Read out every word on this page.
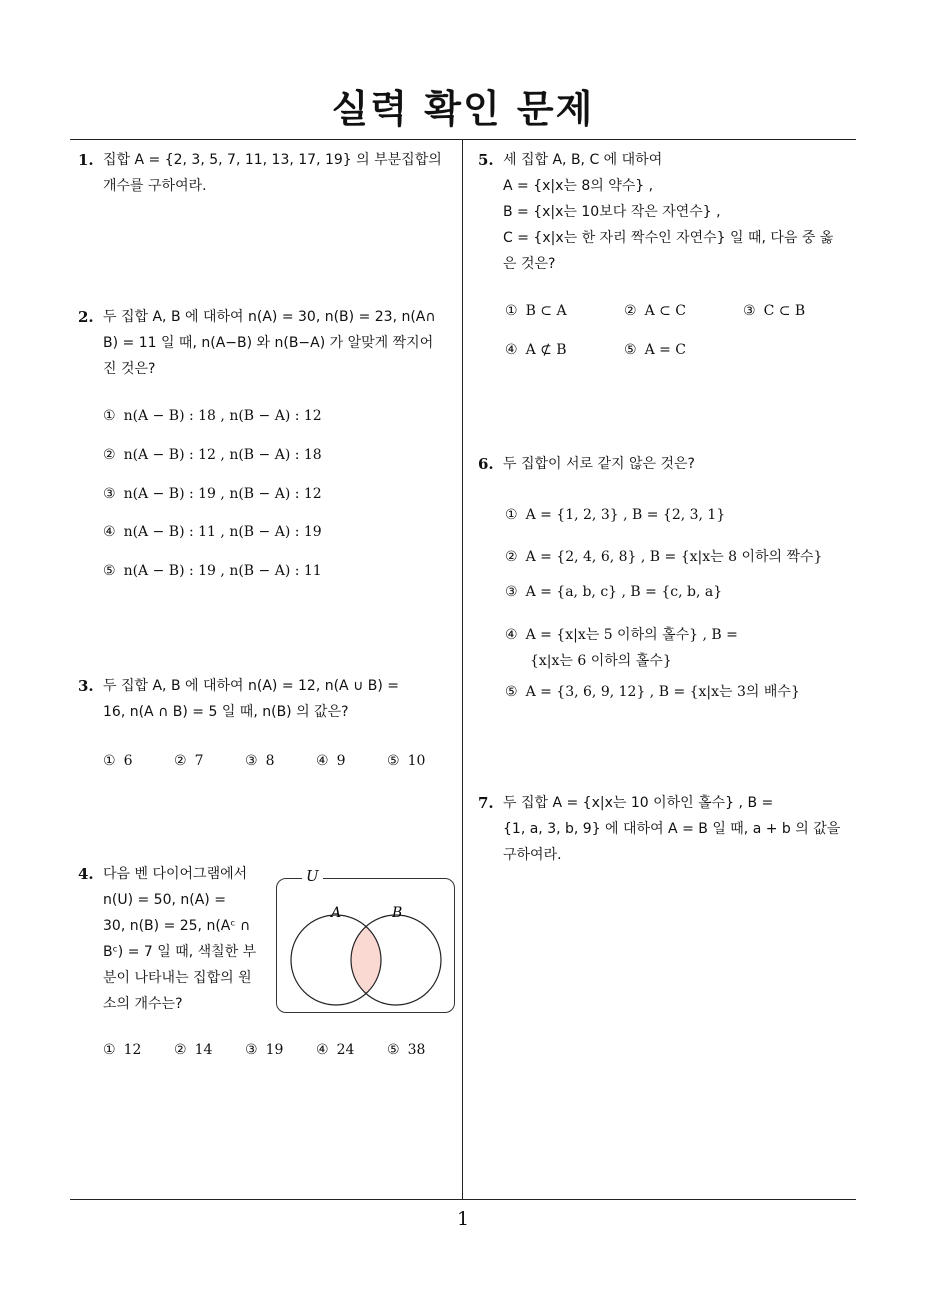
실력 확인 문제
1
1. 집합 A = {2, 3, 5, 7, 11, 13, 17, 19} 의 부분집합의
개수를 구하여라.
2. 두 집합 A, B 에 대하여 n(A) = 30, n(B) = 23, n(A∩
B) = 11 일 때, n(A−B) 와 n(B−A) 가 알맞게 짝지어
진 것은?
① n(A − B) : 18 , n(B − A) : 12
② n(A − B) : 12 , n(B − A) : 18
③ n(A − B) : 19 , n(B − A) : 12
④ n(A − B) : 11 , n(B − A) : 19
⑤ n(A − B) : 19 , n(B − A) : 11
3. 두 집합 A, B 에 대하여 n(A) = 12, n(A ∪ B) =
16, n(A ∩ B) = 5 일 때, n(B) 의 값은?
① 6	② 7	③ 8	④ 9	⑤ 10
4. 다음 벤 다이어그램에서
n(U) = 50, n(A) =
30, n(B) = 25, n(Aᶜ ∩
Bᶜ) = 7 일 때, 색칠한 부
분이 나타내는 집합의 원
소의 개수는?
U
A	B
① 12 ② 14 ③ 19 ④ 24 ⑤ 38
5. 세 집합 A, B, C 에 대하여
A = {x|x는 8의 약수} ,
B = {x|x는 10보다 작은 자연수} ,
C = {x|x는 한 자리 짝수인 자연수} 일 때, 다음 중 옳
은 것은?
① B ⊂ A	② A ⊂ C	③ C ⊂ B
④ A ⊄ B	⑤ A = C
6. 두 집합이 서로 같지 않은 것은?
① A = {1, 2, 3} , B = {2, 3, 1}
② A = {2, 4, 6, 8} , B = {x|x는 8 이하의 짝수}
③ A = {a, b, c} , B = {c, b, a}
④ A = {x|x는 5 이하의 홀수} , B =
{x|x는 6 이하의 홀수}
⑤ A = {3, 6, 9, 12} , B = {x|x는 3의 배수}
7. 두 집합 A = {x|x는 10 이하인 홀수} , B =
{1, a, 3, b, 9} 에 대하여 A = B 일 때, a + b 의 값을
구하여라.
